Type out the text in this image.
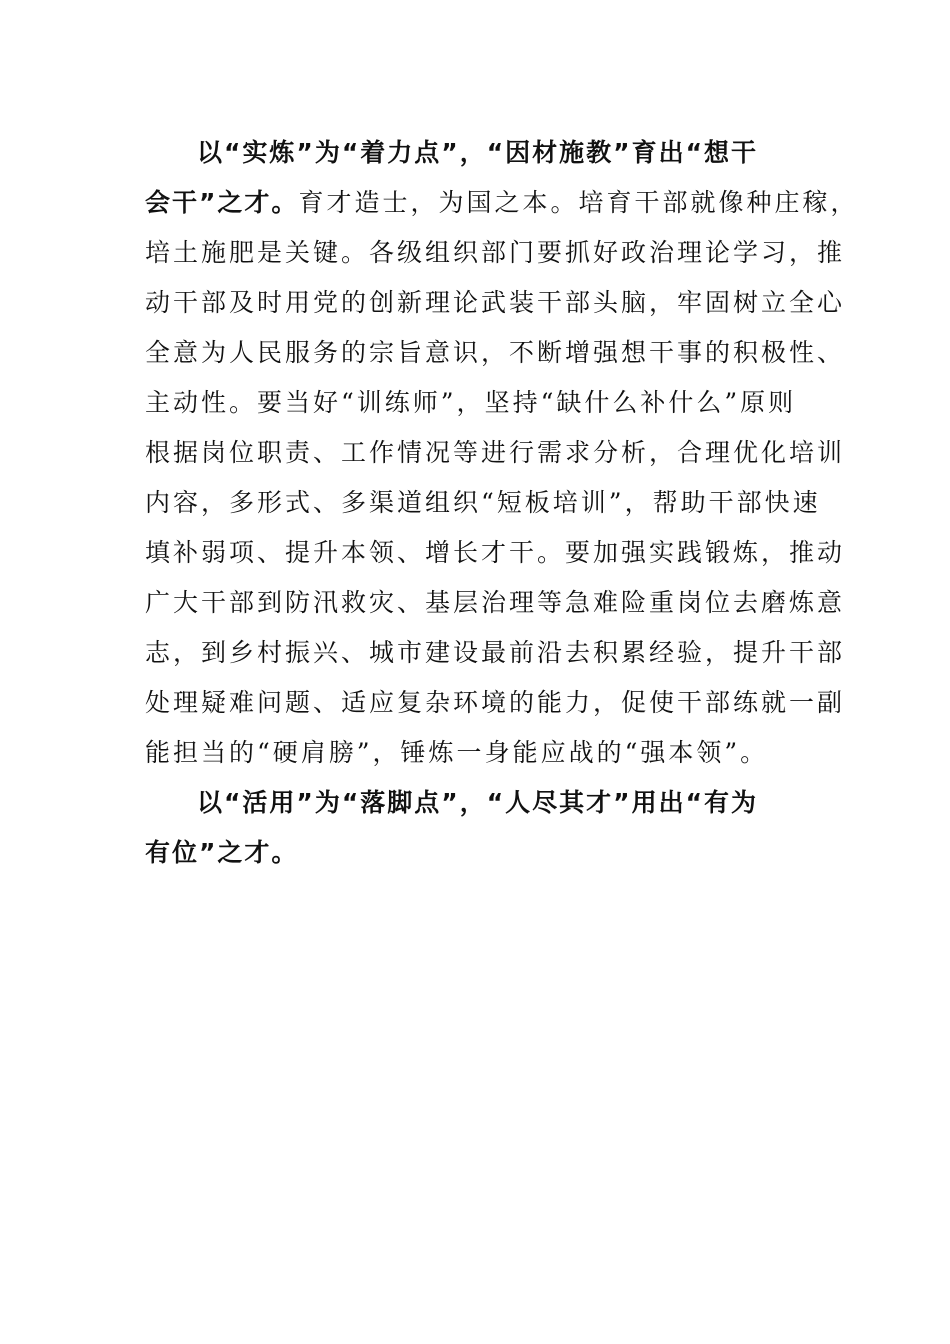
以“实炼”为“着力点”，“因材施教”育出“想干
会干”之才。育才造士，为国之本。培育干部就像种庄稼，
培土施肥是关键。各级组织部门要抓好政治理论学习，推
动干部及时用党的创新理论武装干部头脑，牢固树立全心
全意为人民服务的宗旨意识，不断增强想干事的积极性、
主动性。要当好“训练师”，坚持“缺什么补什么”原则
根据岗位职责、工作情况等进行需求分析，合理优化培训
内容，多形式、多渠道组织“短板培训”，帮助干部快速
填补弱项、提升本领、增长才干。要加强实践锻炼，推动
广大干部到防汛救灾、基层治理等急难险重岗位去磨炼意
志，到乡村振兴、城市建设最前沿去积累经验，提升干部
处理疑难问题、适应复杂环境的能力，促使干部练就一副
能担当的“硬肩膀”，锤炼一身能应战的“强本领”。
以“活用”为“落脚点”，“人尽其才”用出“有为
有位”之才。
